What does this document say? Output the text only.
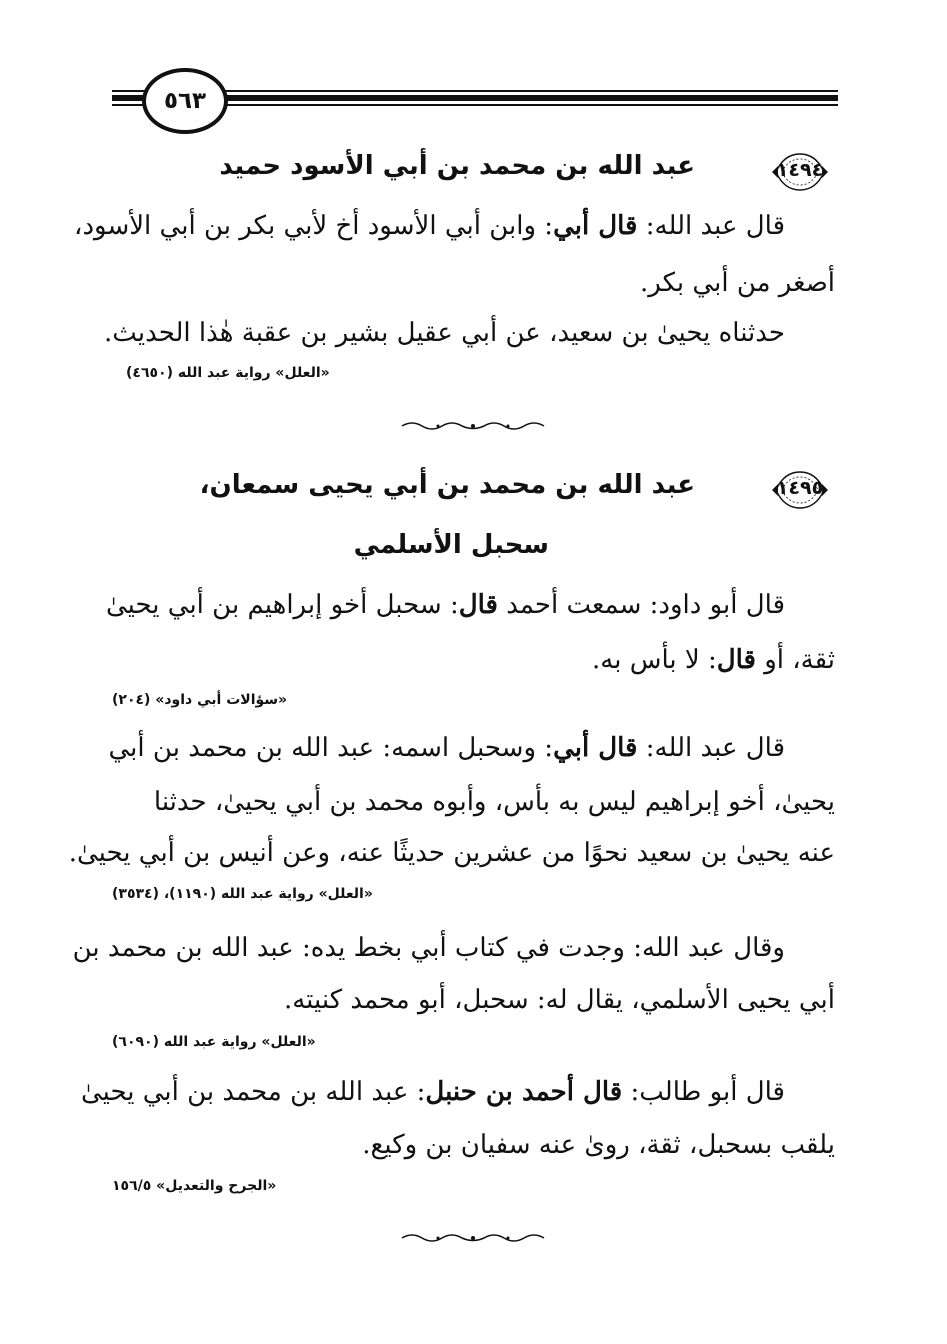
٥٦٣
١٤٩٤
عبد الله بن محمد بن أبي الأسود حميد
قال عبد الله: قال أبي: وابن أبي الأسود أخ لأبي بكر بن أبي الأسود،
أصغر من أبي بكر.
حدثناه يحيىٰ بن سعيد، عن أبي عقيل بشير بن عقبة هٰذا الحديث.
«العلل» رواية عبد الله (٤٦٥٠)
١٤٩٥
عبد الله بن محمد بن أبي يحيى سمعان،
سحبل الأسلمي
قال أبو داود: سمعت أحمد قال: سحبل أخو إبراهيم بن أبي يحيىٰ
ثقة، أو قال: لا بأس به.
«سؤالات أبي داود» (٢٠٤)
قال عبد الله: قال أبي: وسحبل اسمه: عبد الله بن محمد بن أبي
يحيىٰ، أخو إبراهيم ليس به بأس، وأبوه محمد بن أبي يحيىٰ، حدثنا
عنه يحيىٰ بن سعيد نحوًا من عشرين حديثًا عنه، وعن أنيس بن أبي يحيىٰ.
«العلل» رواية عبد الله (١١٩٠)، (٣٥٣٤)
وقال عبد الله: وجدت في كتاب أبي بخط يده: عبد الله بن محمد بن
أبي يحيى الأسلمي، يقال له: سحبل، أبو محمد كنيته.
«العلل» رواية عبد الله (٦٠٩٠)
قال أبو طالب: قال أحمد بن حنبل: عبد الله بن محمد بن أبي يحيىٰ
يلقب بسحبل، ثقة، روىٰ عنه سفيان بن وكيع.
«الجرح والتعديل» ١٥٦/٥
